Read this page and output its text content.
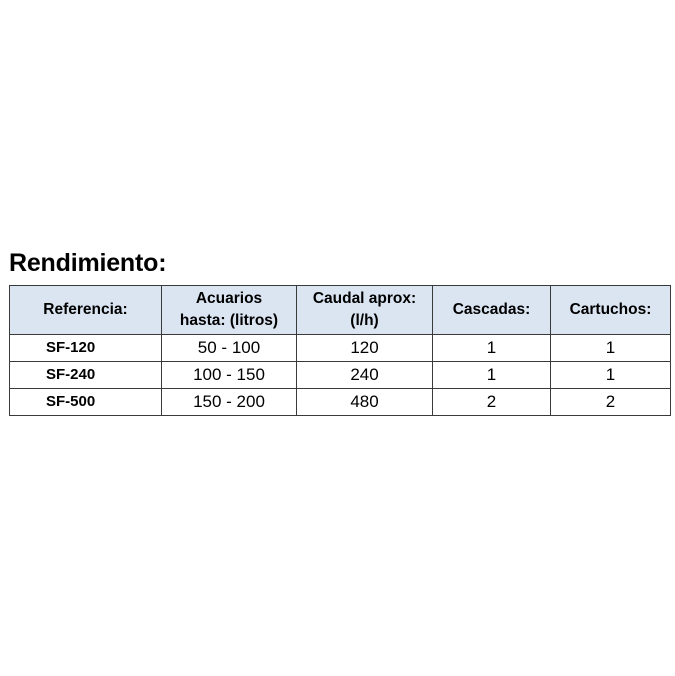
Rendimiento:
Referencia:	Acuarios hasta: (litros)	Caudal aprox: (l/h)	Cascadas:	Cartuchos:
SF-120	50 - 100	120	1	1
SF-240	100 - 150	240	1	1
SF-500	150 - 200	480	2	2
